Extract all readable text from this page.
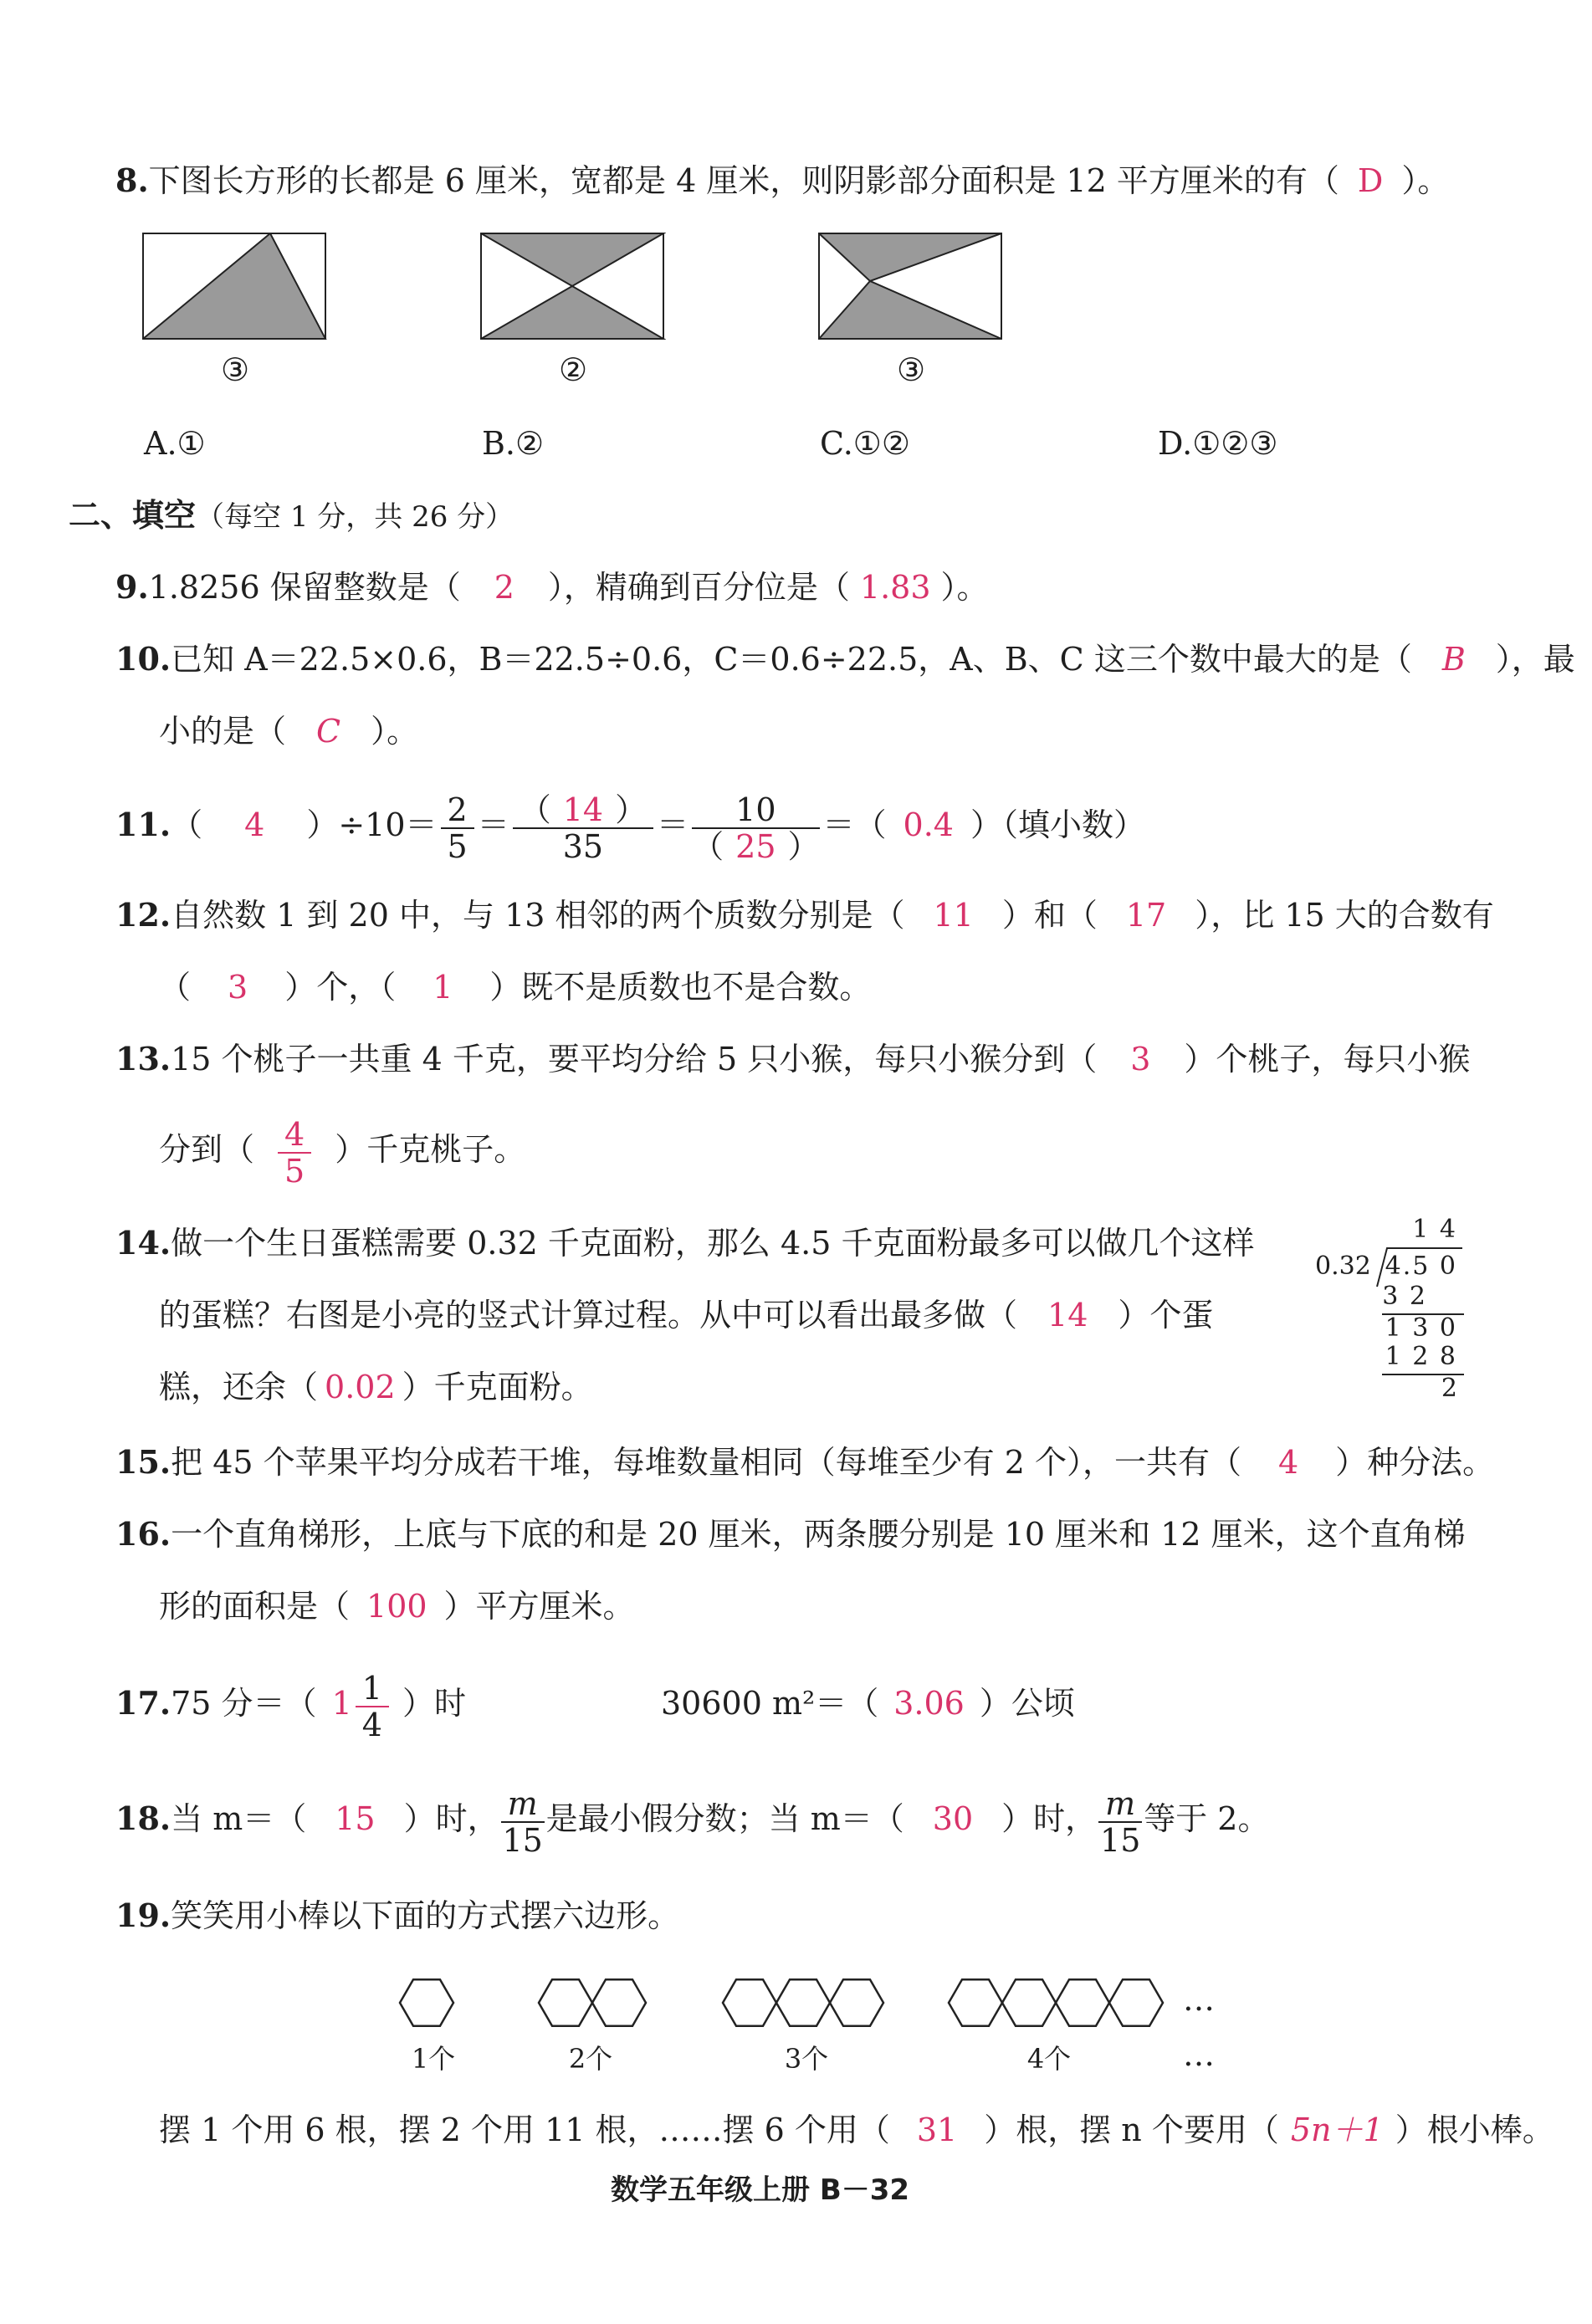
8.下图长方形的长都是 6 厘米，宽都是 4 厘米，则阴影部分面积是 12 平方厘米的有（ D ）。
③	②	③
A.①	B.②	C.①②	D.①②③
二、填空（每空 1 分，共 26 分）
9.1.8256 保留整数是（ 2 ），精确到百分位是（ 1.83 ）。
10.已知 A＝22.5×0.6，B＝22.5÷0.6，C＝0.6÷22.5，A、B、C 这三个数中最大的是（ B ），最
小的是（ C ）。
11.（ 4 ）$\div 10= \frac{2}{5} = \frac{( 14 )}{35} = \frac{10}{( 25 )}$ ＝（ 0.4 ）（填小数）
12.自然数 1 到 20 中，与 13 相邻的两个质数分别是（ 11 ）和（ 17 ），比 15 大的合数有
（ 3 ）个，（ 1 ）既不是质数也不是合数。
13.15 个桃子一共重 4 千克，要平均分给 5 只小猴，每只小猴分到（ 3 ）个桃子，每只小猴
分到（ $\frac{4}{5}$ ）千克桃子。
14.做一个生日蛋糕需要 0.32 千克面粉，那么 4.5 千克面粉最多可以做几个这样
的蛋糕？右图是小亮的竖式计算过程。从中可以看出最多做（ 14 ）个蛋
糕，还余（ 0.02 ）千克面粉。
1 4
0.32 4.5 0
3 2
1 3 0
1 2 8
2
15.把 45 个苹果平均分成若干堆，每堆数量相同（每堆至少有 2 个），一共有（ 4 ）种分法。
16.一个直角梯形，上底与下底的和是 20 厘米，两条腰分别是 10 厘米和 12 厘米，这个直角梯
形的面积是（ 100 ）平方厘米。
17.75 分＝（ $1 \frac{1}{4}$ ）时	30600 m²＝（ 3.06 ）公顷
18.当 m＝（ 15 ）时， $\frac{m}{15}$ 是最小假分数；当 m＝（ 30 ）时， $\frac{m}{15}$ 等于 2。
19.笑笑用小棒以下面的方式摆六边形。
1个	2个	3个	4个
…
…
摆 1 个用 6 根，摆 2 个用 11 根，……摆 6 个用（ 31 ）根，摆 n 个要用（ 5n＋1 ）根小棒。
数学五年级上册 B－32
